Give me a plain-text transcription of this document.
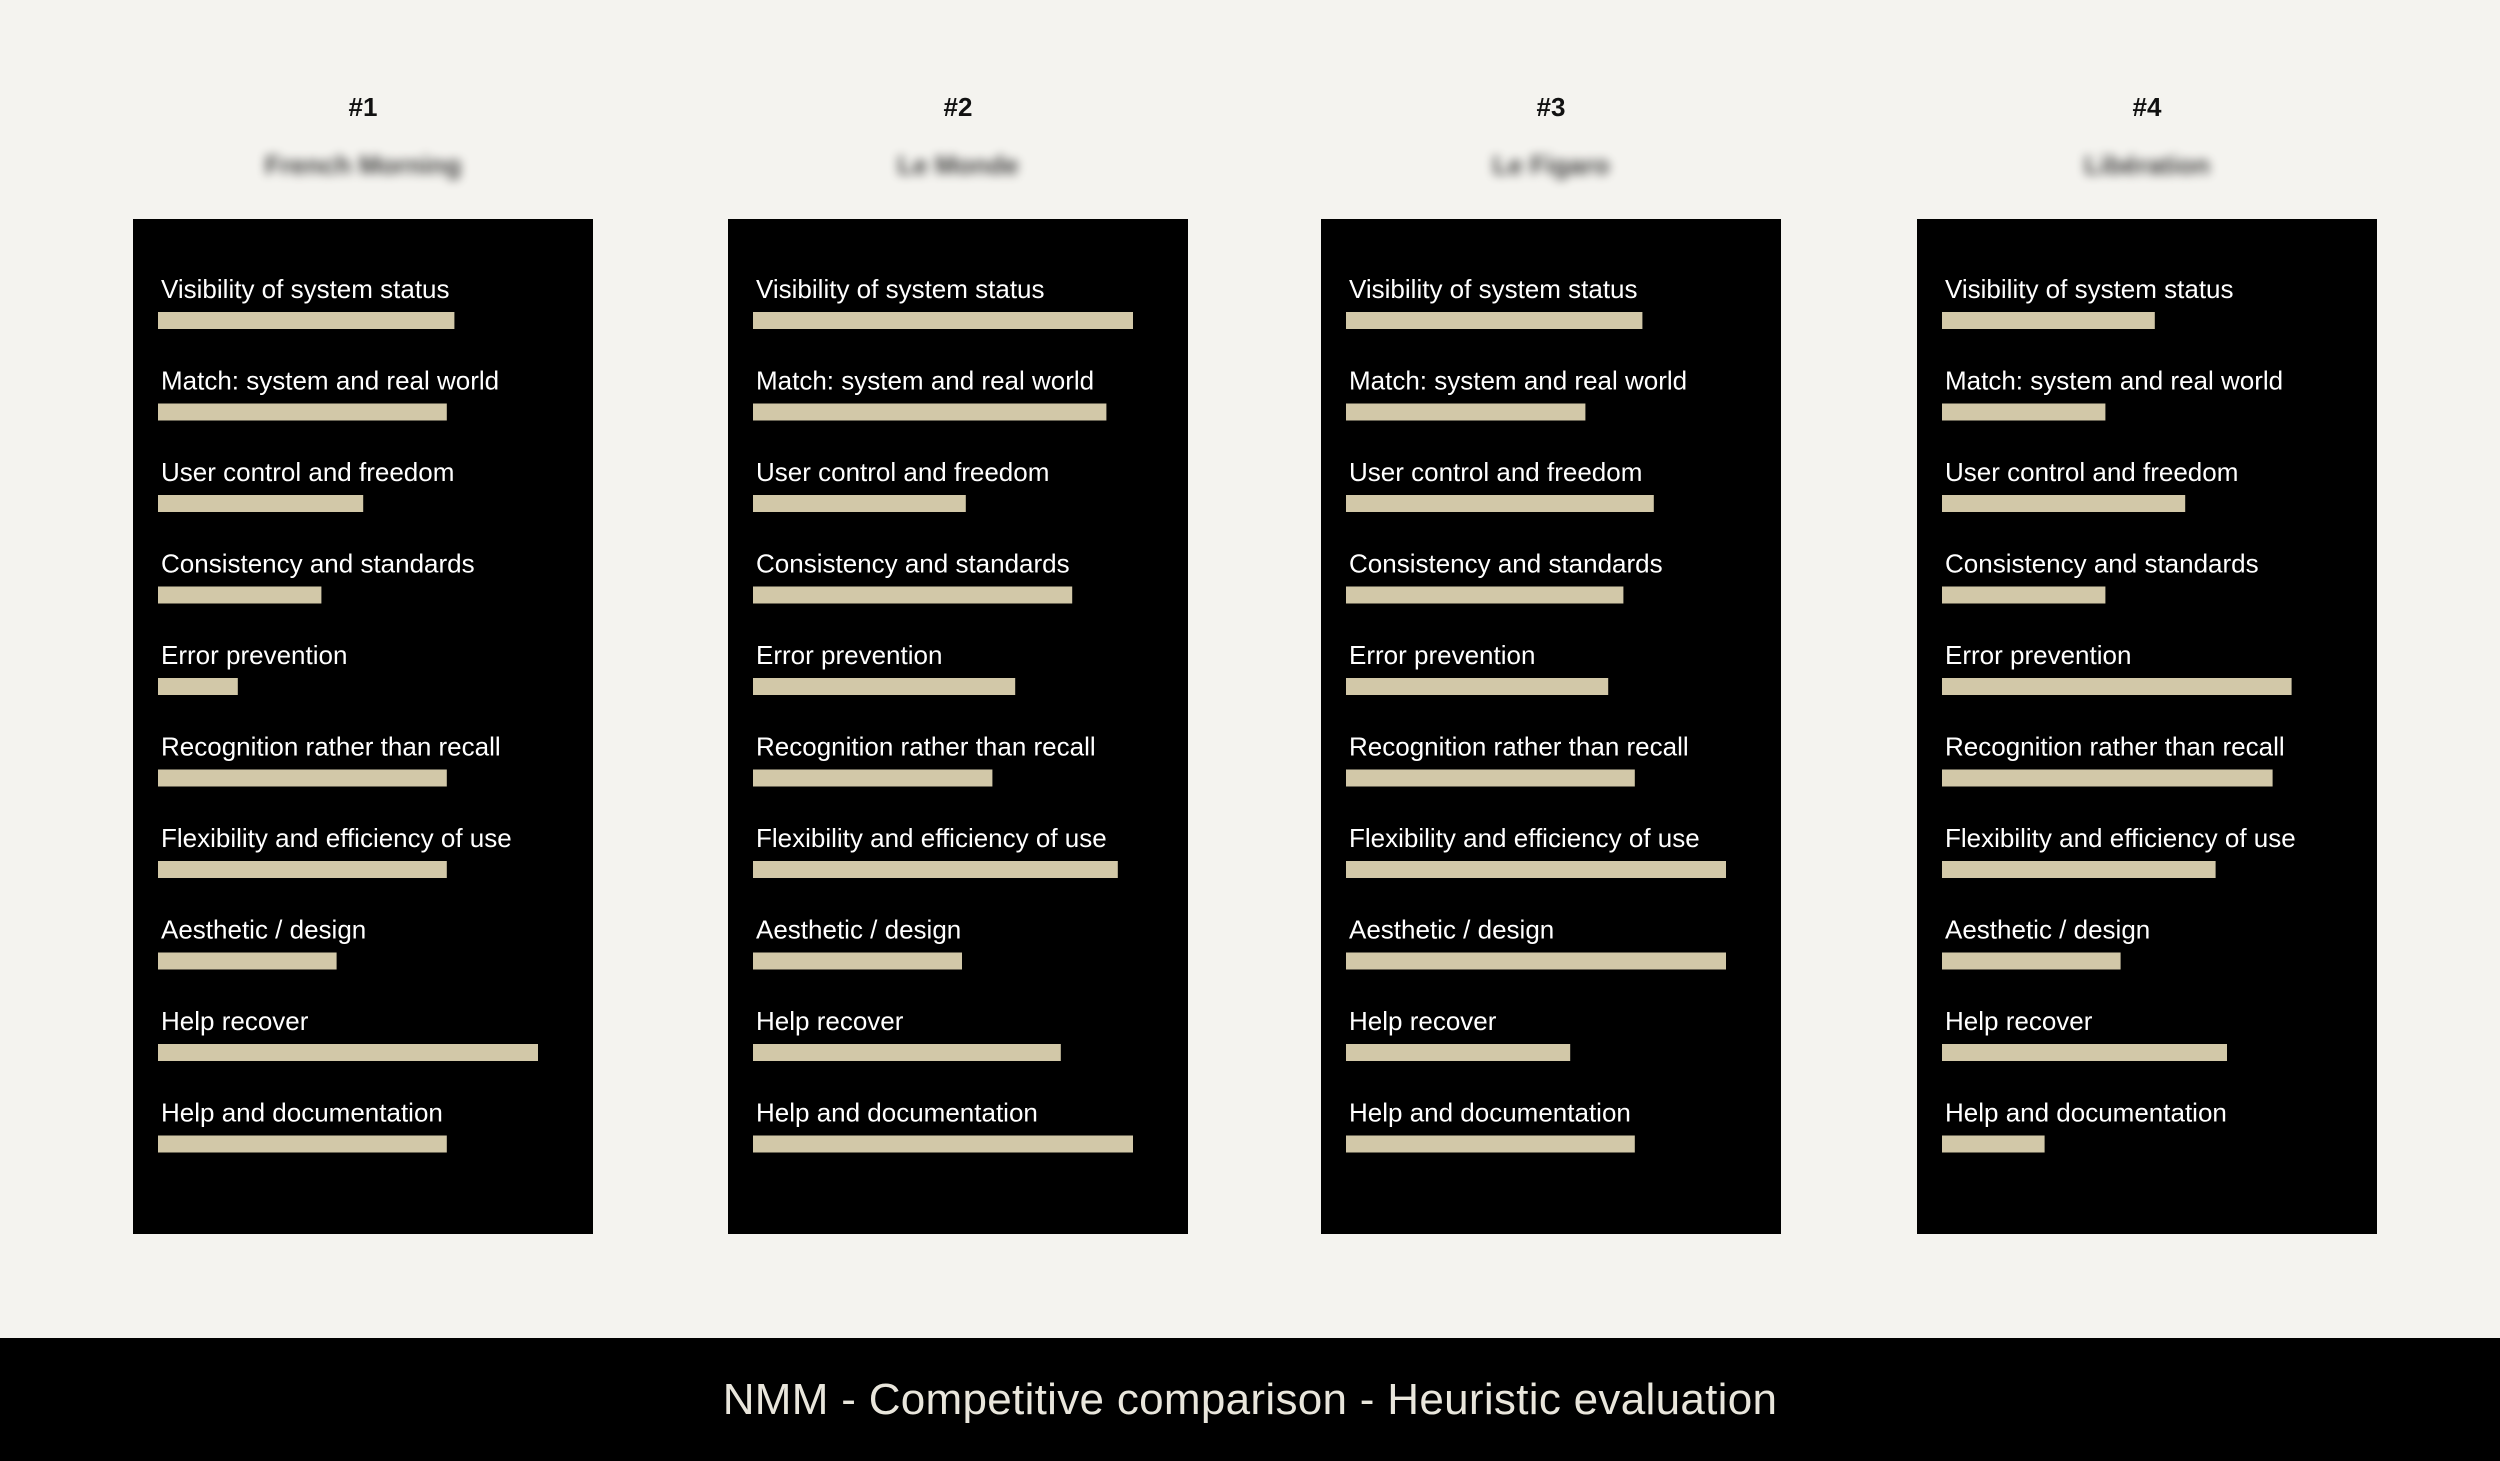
#1
French Morning
Visibility of system status
Match: system and real world
User control and freedom
Consistency and standards
Error prevention
Recognition rather than recall
Flexibility and efficiency of use
Aesthetic / design
Help recover
Help and documentation
#2
Le Monde
Visibility of system status
Match: system and real world
User control and freedom
Consistency and standards
Error prevention
Recognition rather than recall
Flexibility and efficiency of use
Aesthetic / design
Help recover
Help and documentation
#3
Le Figaro
Visibility of system status
Match: system and real world
User control and freedom
Consistency and standards
Error prevention
Recognition rather than recall
Flexibility and efficiency of use
Aesthetic / design
Help recover
Help and documentation
#4
Libération
Visibility of system status
Match: system and real world
User control and freedom
Consistency and standards
Error prevention
Recognition rather than recall
Flexibility and efficiency of use
Aesthetic / design
Help recover
Help and documentation
NMM - Competitive comparison - Heuristic evaluation
